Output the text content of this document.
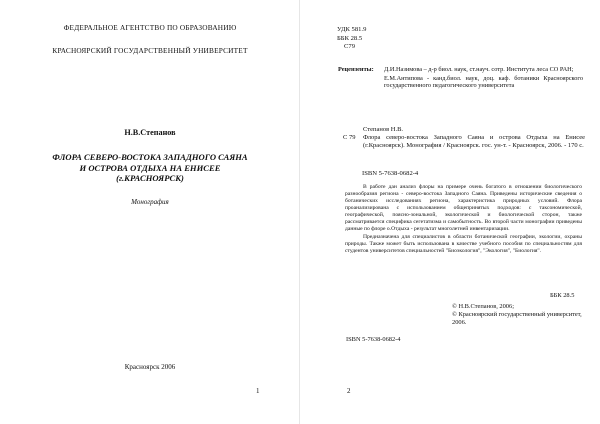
ФЕДЕРАЛЬНОЕ АГЕНТСТВО ПО ОБРАЗОВАНИЮ
КРАСНОЯРСКИЙ ГОСУДАРСТВЕННЫЙ УНИВЕРСИТЕТ
Н.В.Степанов
ФЛОРА СЕВЕРО-ВОСТОКА ЗАПАДНОГО САЯНА
И ОСТРОВА ОТДЫХА НА ЕНИСЕЕ
(г.КРАСНОЯРСК)
Монография
Красноярск 2006
1
УДК 581.9
ББК 28.5
С79
Рецензенты: Д.И.Назимова – д-р биол. наук, ст.науч. сотр. Института леса СО РАН;

Е.М.Антипова - канд.биол. наук, доц. каф. ботаники Красноярского государственного педагогического университета

Степанов Н.В.
С 79 Флора северо-востока Западного Саяна и острова Отдыха на Енисее (г.Красноярск). Монография / Красноярск. гос. ун-т. - Красноярск, 2006. - 170 с.
ISBN 5-7638-0682-4

В работе дан анализ флоры на примере очень богатого в отношении биологического разнообразия региона - северо-востока Западного Саяна. Приведены исторические сведения о ботанических исследованиях региона, характеристика природных условий. Флора проанализирована с использованием общепринятых подходов: с таксономической, географической, поясно-зональной, экологической и биологической сторон, также рассматривается специфика сегетатизма и самобытность. Во второй части монографии приведены данные по флоре о.Отдыха - результат многолетней инвентаризации.

Предназначена для специалистов в области ботанической географии, экологии, охраны природы. Также может быть использована в качестве учебного пособия по специальностям для студентов университетов специальностей "Биоэкология", "Экология", "Биология".

ББК 28.5
© Н.В.Степанов, 2006;
© Красноярский государственный университет, 2006.
ISBN 5-7638-0682-4
2
